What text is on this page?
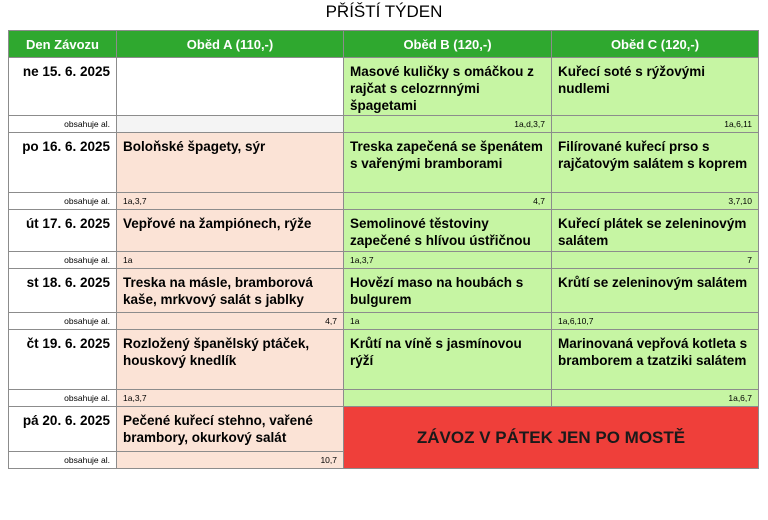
PŘÍŠTÍ TÝDEN
Den Závozu	Oběd A (110,-)	Oběd B (120,-)	Oběd C (120,-)
ne 15. 6. 2025		Masové kuličky s omáčkou z rajčat s celozrnnými špagetami	Kuřecí soté s rýžovými nudlemi
obsahuje al.		1a,d,3,7	1a,6,11
po 16. 6. 2025	Boloňské špagety, sýr	Treska zapečená se špenátem s vařenými bramborami	Filírované kuřecí prso s rajčatovým salátem s koprem
obsahuje al.	1a,3,7	4,7	3,7,10
út 17. 6. 2025	Vepřové na žampiónech, rýže	Semolinové těstoviny zapečené s hlívou ústřičnou	Kuřecí plátek se zeleninovým salátem
obsahuje al.	1a	1a,3,7	7
st 18. 6. 2025	Treska na másle, bramborová kaše, mrkvový salát s jablky	Hovězí maso na houbách s bulgurem	Krůtí se zeleninovým salátem
obsahuje al.	4,7	1a	1a,6,10,7
čt 19. 6. 2025	Rozložený španělský ptáček, houskový knedlík	Krůtí na víně s jasmínovou rýží	Marinovaná vepřová kotleta s bramborem a tzatziki salátem
obsahuje al.	1a,3,7		1a,6,7
pá 20. 6. 2025	Pečené kuřecí stehno, vařené brambory, okurkový salát	ZÁVOZ V PÁTEK JEN PO MOSTĚ	
obsahuje al.	10,7		
